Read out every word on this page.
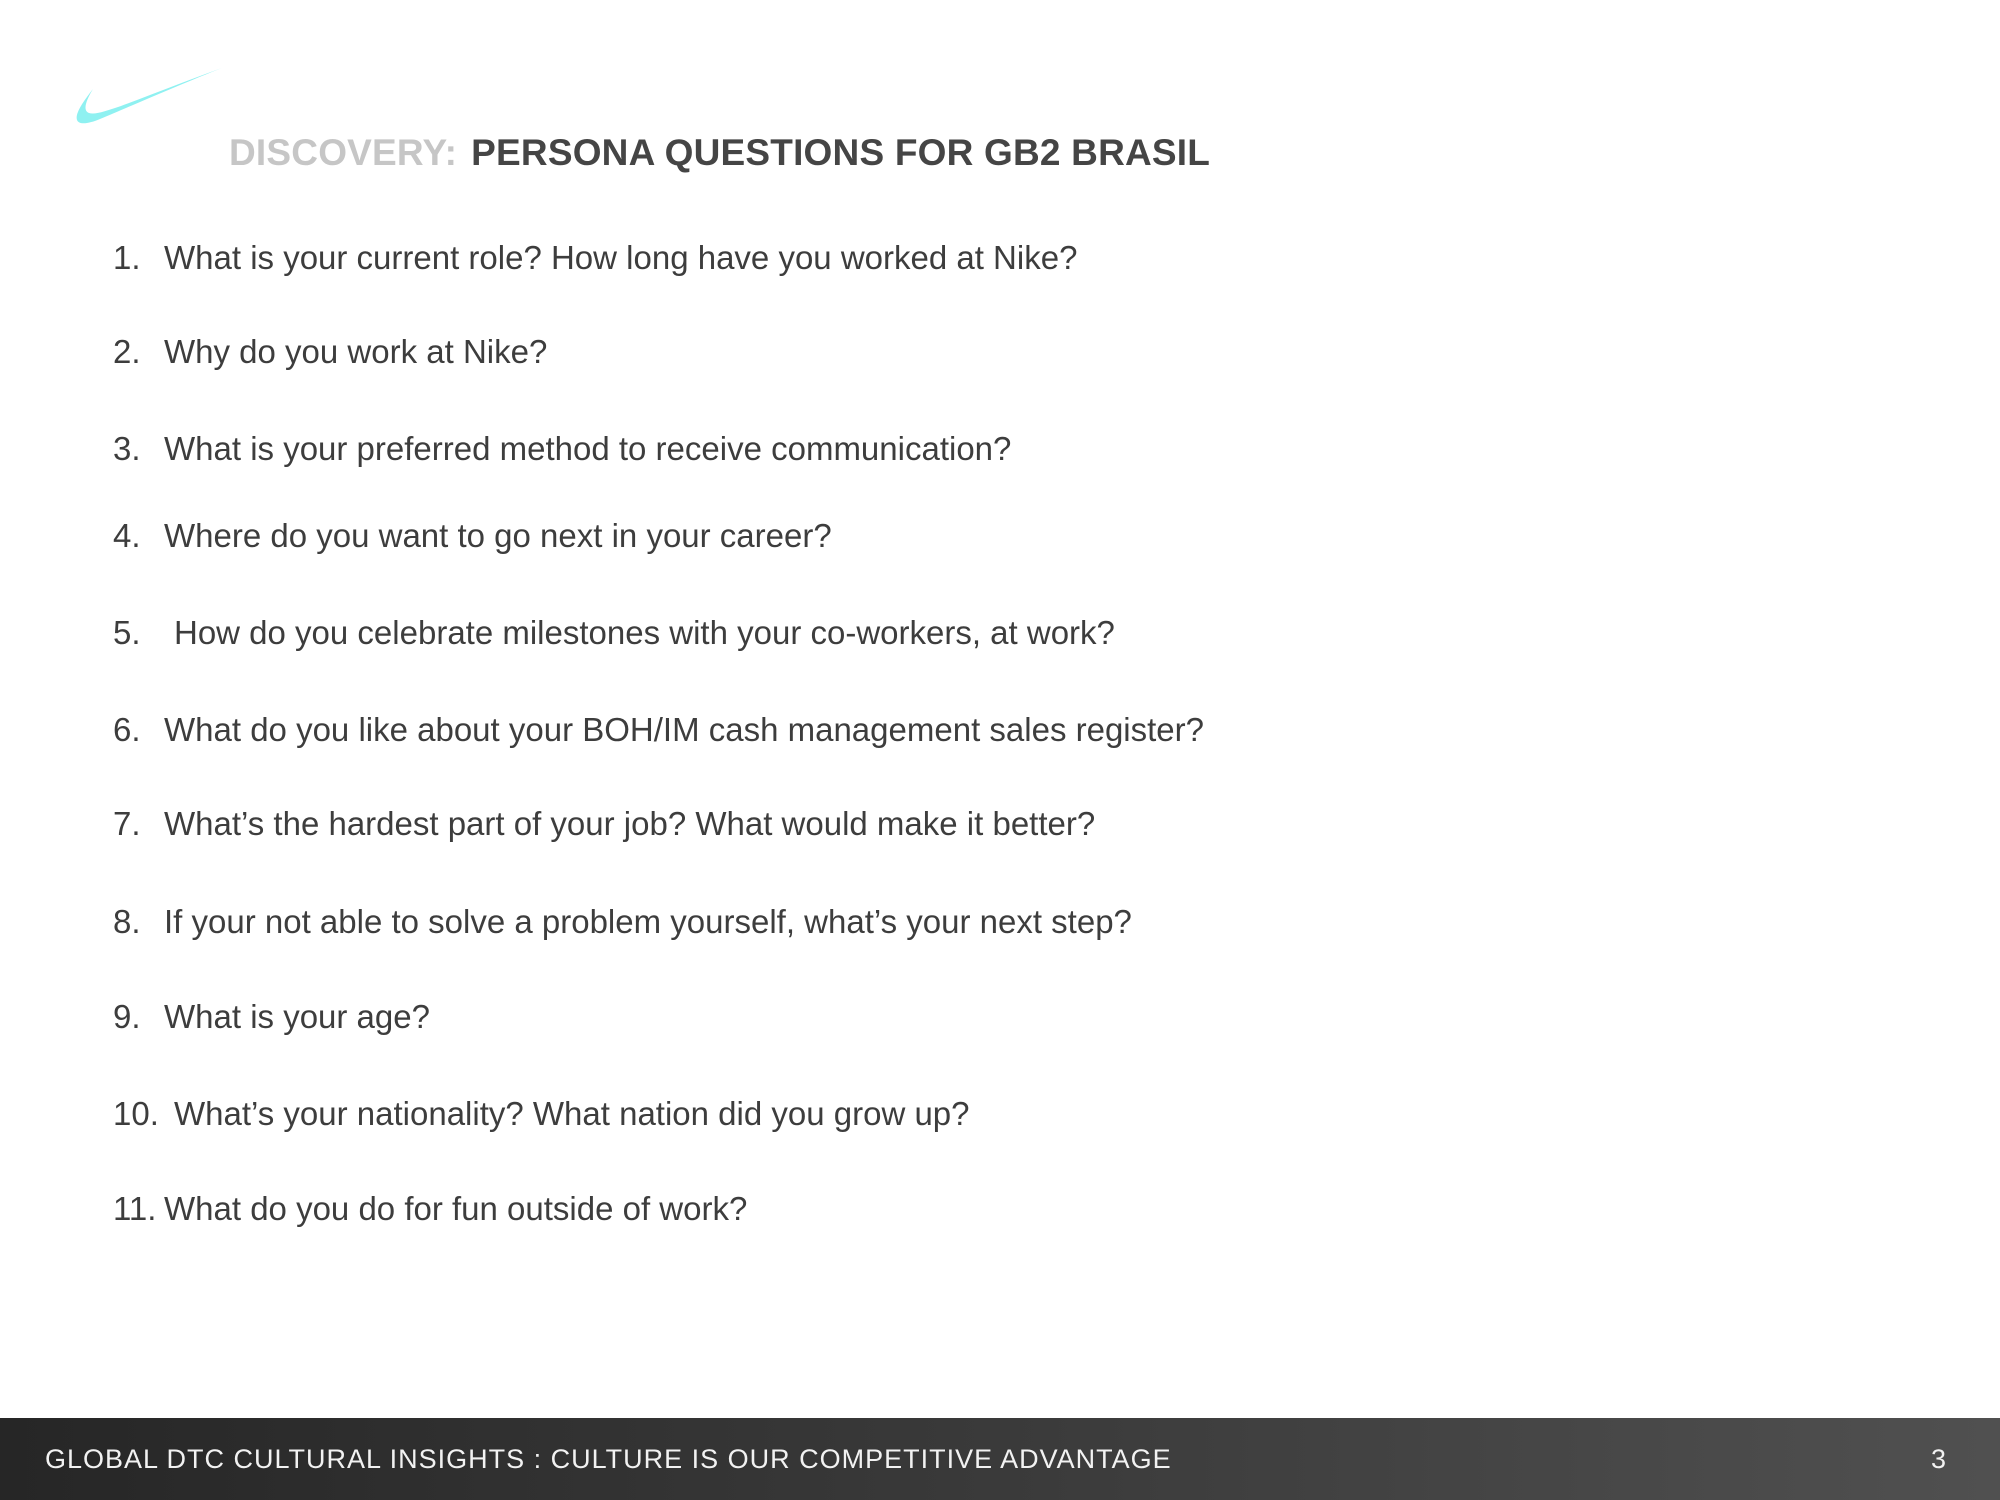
DISCOVERY: PERSONA QUESTIONS FOR GB2 BRASIL

1. What is your current role? How long have you worked at Nike?

2. Why do you work at Nike?

3. What is your preferred method to receive communication?

4. Where do you want to go next in your career?

5. How do you celebrate milestones with your co-workers, at work?

6. What do you like about your BOH/IM cash management sales register?

7. What’s the hardest part of your job? What would make it better?

8. If your not able to solve a problem yourself, what’s your next step?

9. What is your age?

10. What’s your nationality? What nation did you grow up?

11. What do you do for fun outside of work?

GLOBAL DTC CULTURAL INSIGHTS : CULTURE IS OUR COMPETITIVE ADVANTAGE	3
